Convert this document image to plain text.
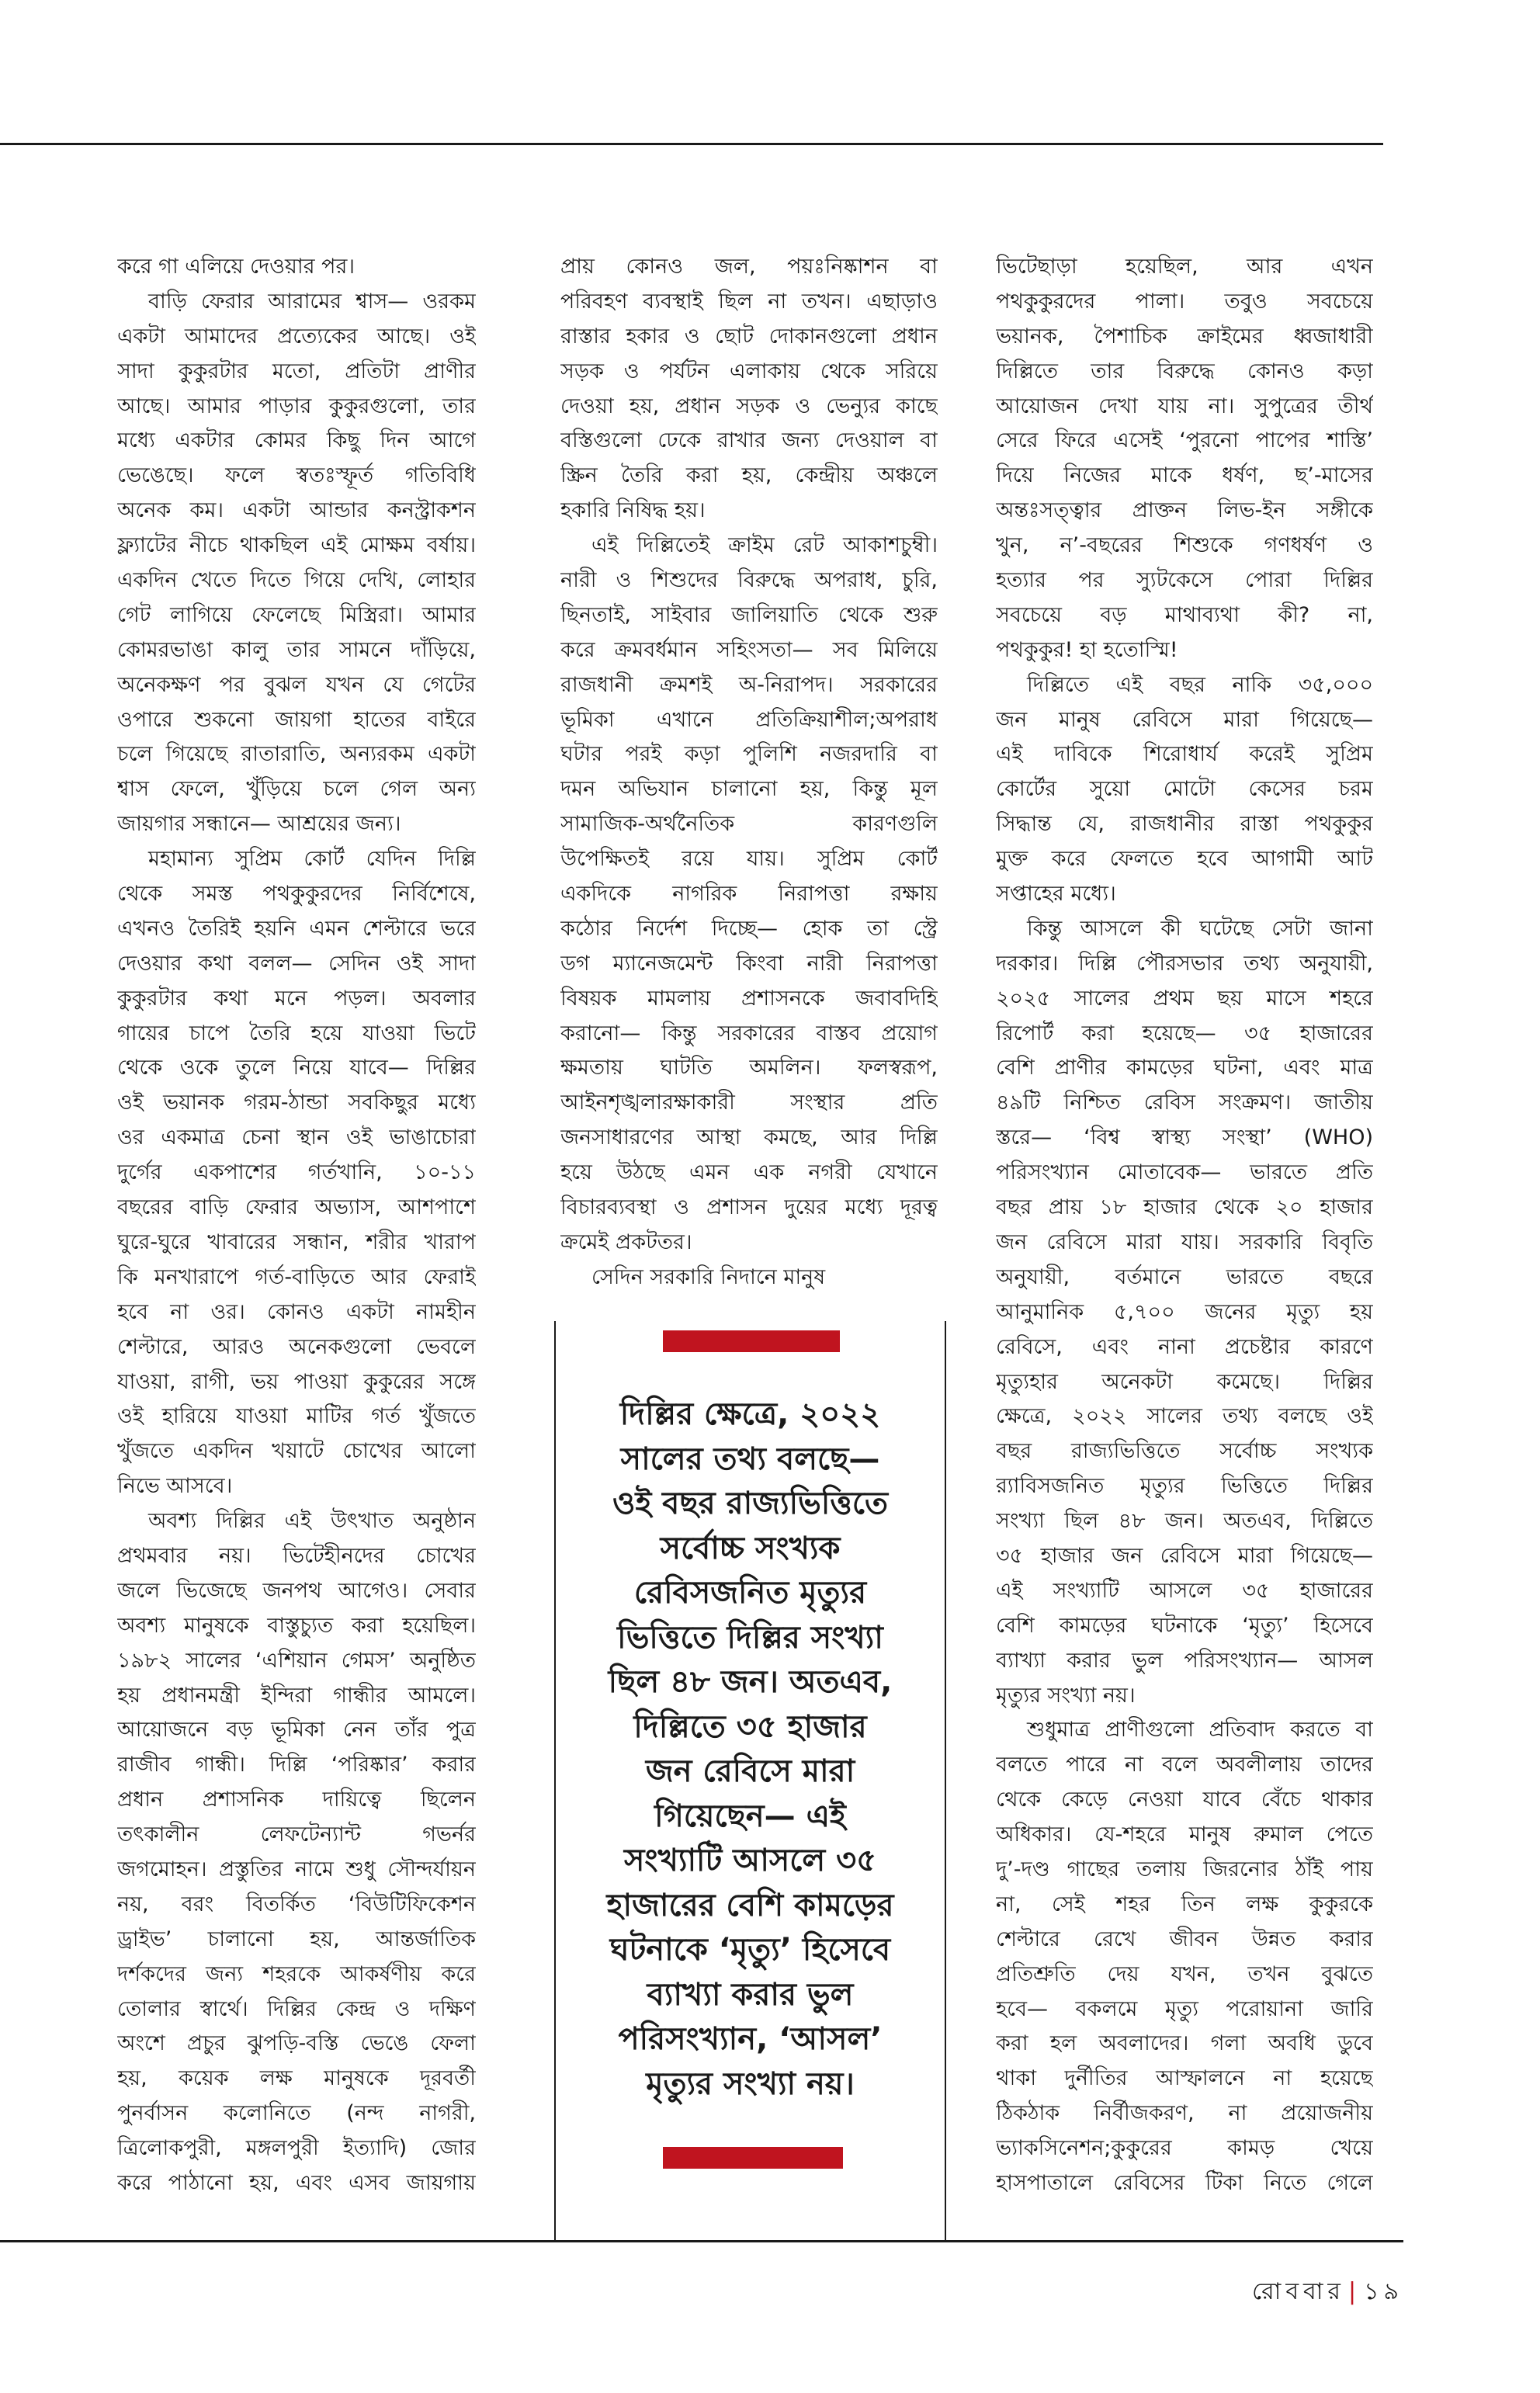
করে গা এলিয়ে দেওয়ার পর।
বাড়ি ফেরার আরামের শ্বাস— ওরকম
একটা আমাদের প্রত্যেকের আছে। ওই
সাদা কুকুরটার মতো, প্রতিটা প্রাণীর
আছে। আমার পাড়ার কুকুরগুলো, তার
মধ্যে একটার কোমর কিছু দিন আগে
ভেঙেছে। ফলে স্বতঃস্ফূর্ত গতিবিধি
অনেক কম। একটা আন্ডার কনস্ট্রাকশন
ফ্ল্যাটের নীচে থাকছিল এই মোক্ষম বর্ষায়।
একদিন খেতে দিতে গিয়ে দেখি, লোহার
গেট লাগিয়ে ফেলেছে মিস্ত্রিরা। আমার
কোমরভাঙা কালু তার সামনে দাঁড়িয়ে,
অনেকক্ষণ পর বুঝল যখন যে গেটের
ওপারে শুকনো জায়গা হাতের বাইরে
চলে গিয়েছে রাতারাতি, অন্যরকম একটা
শ্বাস ফেলে, খুঁড়িয়ে চলে গেল অন্য
জায়গার সন্ধানে— আশ্রয়ের জন্য।
মহামান্য সুপ্রিম কোর্ট যেদিন দিল্লি
থেকে সমস্ত পথকুকুরদের নির্বিশেষে,
এখনও তৈরিই হয়নি এমন শেল্টারে ভরে
দেওয়ার কথা বলল— সেদিন ওই সাদা
কুকুরটার কথা মনে পড়ল। অবলার
গায়ের চাপে তৈরি হয়ে যাওয়া ভিটে
থেকে ওকে তুলে নিয়ে যাবে— দিল্লির
ওই ভয়ানক গরম-ঠান্ডা সবকিছুর মধ্যে
ওর একমাত্র চেনা স্থান ওই ভাঙাচোরা
দুর্গের একপাশের গর্তখানি, ১০-১১
বছরের বাড়ি ফেরার অভ্যাস, আশপাশে
ঘুরে-ঘুরে খাবারের সন্ধান, শরীর খারাপ
কি মনখারাপে গর্ত-বাড়িতে আর ফেরাই
হবে না ওর। কোনও একটা নামহীন
শেল্টারে, আরও অনেকগুলো ভেবলে
যাওয়া, রাগী, ভয় পাওয়া কুকুরের সঙ্গে
ওই হারিয়ে যাওয়া মাটির গর্ত খুঁজতে
খুঁজতে একদিন খয়াটে চোখের আলো
নিভে আসবে।
অবশ্য দিল্লির এই উৎখাত অনুষ্ঠান
প্রথমবার নয়। ভিটেহীনদের চোখের
জলে ভিজেছে জনপথ আগেও। সেবার
অবশ্য মানুষকে বাস্তুচ্যুত করা হয়েছিল।
১৯৮২ সালের ‘এশিয়ান গেমস’ অনুষ্ঠিত
হয় প্রধানমন্ত্রী ইন্দিরা গান্ধীর আমলে।
আয়োজনে বড় ভূমিকা নেন তাঁর পুত্র
রাজীব গান্ধী। দিল্লি ‘পরিষ্কার’ করার
প্রধান প্রশাসনিক দায়িত্বে ছিলেন
তৎকালীন লেফটেন্যান্ট গভর্নর
জগমোহন। প্রস্তুতির নামে শুধু সৌন্দর্যায়ন
নয়, বরং বিতর্কিত ‘বিউটিফিকেশন
ড্রাইভ’ চালানো হয়, আন্তর্জাতিক
দর্শকদের জন্য শহরকে আকর্ষণীয় করে
তোলার স্বার্থে। দিল্লির কেন্দ্র ও দক্ষিণ
অংশে প্রচুর ঝুপড়ি-বস্তি ভেঙে ফেলা
হয়, কয়েক লক্ষ মানুষকে দূরবর্তী
পুনর্বাসন কলোনিতে (নন্দ নাগরী,
ত্রিলোকপুরী, মঙ্গলপুরী ইত্যাদি) জোর
করে পাঠানো হয়, এবং এসব জায়গায়
প্রায় কোনও জল, পয়ঃনিষ্কাশন বা
পরিবহণ ব্যবস্থাই ছিল না তখন। এছাড়াও
রাস্তার হকার ও ছোট দোকানগুলো প্রধান
সড়ক ও পর্যটন এলাকায় থেকে সরিয়ে
দেওয়া হয়, প্রধান সড়ক ও ভেন্যুর কাছে
বস্তিগুলো ঢেকে রাখার জন্য দেওয়াল বা
স্ক্রিন তৈরি করা হয়, কেন্দ্রীয় অঞ্চলে
হকারি নিষিদ্ধ হয়।
এই দিল্লিতেই ক্রাইম রেট আকাশচুম্বী।
নারী ও শিশুদের বিরুদ্ধে অপরাধ, চুরি,
ছিনতাই, সাইবার জালিয়াতি থেকে শুরু
করে ক্রমবর্ধমান সহিংসতা— সব মিলিয়ে
রাজধানী ক্রমশই অ-নিরাপদ। সরকারের
ভূমিকা এখানে প্রতিক্রিয়াশীল;অপরাধ
ঘটার পরই কড়া পুলিশি নজরদারি বা
দমন অভিযান চালানো হয়, কিন্তু মূল
সামাজিক-অর্থনৈতিক কারণগুলি
উপেক্ষিতই রয়ে যায়। সুপ্রিম কোর্ট
একদিকে নাগরিক নিরাপত্তা রক্ষায়
কঠোর নির্দেশ দিচ্ছে— হোক তা স্ট্রে
ডগ ম্যানেজমেন্ট কিংবা নারী নিরাপত্তা
বিষয়ক মামলায় প্রশাসনকে জবাবদিহি
করানো— কিন্তু সরকারের বাস্তব প্রয়োগ
ক্ষমতায় ঘাটতি অমলিন। ফলস্বরূপ,
আইনশৃঙ্খলারক্ষাকারী সংস্থার প্রতি
জনসাধারণের আস্থা কমছে, আর দিল্লি
হয়ে উঠছে এমন এক নগরী যেখানে
বিচারব্যবস্থা ও প্রশাসন দুয়ের মধ্যে দূরত্ব
ক্রমেই প্রকটতর।
সেদিন সরকারি নিদানে মানুষ
ভিটেছাড়া হয়েছিল, আর এখন
পথকুকুরদের পালা। তবুও সবচেয়ে
ভয়ানক, পৈশাচিক ক্রাইমের ধ্বজাধারী
দিল্লিতে তার বিরুদ্ধে কোনও কড়া
আয়োজন দেখা যায় না। সুপুত্রের তীর্থ
সেরে ফিরে এসেই ‘পুরনো পাপের শাস্তি’
দিয়ে নিজের মাকে ধর্ষণ, ছ’-মাসের
অন্তঃসত্ত্বার প্রাক্তন লিভ-ইন সঙ্গীকে
খুন, ন’-বছরের শিশুকে গণধর্ষণ ও
হত্যার পর স্যুটকেসে পোরা দিল্লির
সবচেয়ে বড় মাথাব্যথা কী? না,
পথকুকুর! হা হতোস্মি!
দিল্লিতে এই বছর নাকি ৩৫,০০০
জন মানুষ রেবিসে মারা গিয়েছে—
এই দাবিকে শিরোধার্য করেই সুপ্রিম
কোর্টের সুয়ো মোটো কেসের চরম
সিদ্ধান্ত যে, রাজধানীর রাস্তা পথকুকুর
মুক্ত করে ফেলতে হবে আগামী আট
সপ্তাহের মধ্যে।
কিন্তু আসলে কী ঘটেছে সেটা জানা
দরকার। দিল্লি পৌরসভার তথ্য অনুযায়ী,
২০২৫ সালের প্রথম ছয় মাসে শহরে
রিপোর্ট করা হয়েছে— ৩৫ হাজারের
বেশি প্রাণীর কামড়ের ঘটনা, এবং মাত্র
৪৯টি নিশ্চিত রেবিস সংক্রমণ। জাতীয়
স্তরে— ‘বিশ্ব স্বাস্থ্য সংস্থা’ (WHO)
পরিসংখ্যান মোতাবেক— ভারতে প্রতি
বছর প্রায় ১৮ হাজার থেকে ২০ হাজার
জন রেবিসে মারা যায়। সরকারি বিবৃতি
অনুযায়ী, বর্তমানে ভারতে বছরে
আনুমানিক ৫,৭০০ জনের মৃত্যু হয়
রেবিসে, এবং নানা প্রচেষ্টার কারণে
মৃত্যুহার অনেকটা কমেছে। দিল্লির
ক্ষেত্রে, ২০২২ সালের তথ্য বলছে ওই
বছর রাজ্যভিত্তিতে সর্বোচ্চ সংখ্যক
র‍্যাবিসজনিত মৃত্যুর ভিত্তিতে দিল্লির
সংখ্যা ছিল ৪৮ জন। অতএব, দিল্লিতে
৩৫ হাজার জন রেবিসে মারা গিয়েছে—
এই সংখ্যাটি আসলে ৩৫ হাজারের
বেশি কামড়ের ঘটনাকে ‘মৃত্যু’ হিসেবে
ব্যাখ্যা করার ভুল পরিসংখ্যান— আসল
মৃত্যুর সংখ্যা নয়।
শুধুমাত্র প্রাণীগুলো প্রতিবাদ করতে বা
বলতে পারে না বলে অবলীলায় তাদের
থেকে কেড়ে নেওয়া যাবে বেঁচে থাকার
অধিকার। যে-শহরে মানুষ রুমাল পেতে
দু’-দণ্ড গাছের তলায় জিরনোর ঠাঁই পায়
না, সেই শহর তিন লক্ষ কুকুরকে
শেল্টারে রেখে জীবন উন্নত করার
প্রতিশ্রুতি দেয় যখন, তখন বুঝতে
হবে— বকলমে মৃত্যু পরোয়ানা জারি
করা হল অবলাদের। গলা অবধি ডুবে
থাকা দুর্নীতির আস্ফালনে না হয়েছে
ঠিকঠাক নির্বীজকরণ, না প্রয়োজনীয়
ভ্যাকসিনেশন;কুকুরের কামড় খেয়ে
হাসপাতালে রেবিসের টিকা নিতে গেলে
দিল্লির ক্ষেত্রে, ২০২২
সালের তথ্য বলছে—
ওই বছর রাজ্যভিত্তিতে
সর্বোচ্চ সংখ্যক
রেবিসজনিত মৃত্যুর
ভিত্তিতে দিল্লির সংখ্যা
ছিল ৪৮ জন। অতএব,
দিল্লিতে ৩৫ হাজার
জন রেবিসে মারা
গিয়েছেন— এই
সংখ্যাটি আসলে ৩৫
হাজারের বেশি কামড়ের
ঘটনাকে ‘মৃত্যু’ হিসেবে
ব্যাখ্যা করার ভুল
পরিসংখ্যান, ‘আসল’
মৃত্যুর সংখ্যা নয়।
রোববার | ১৯
